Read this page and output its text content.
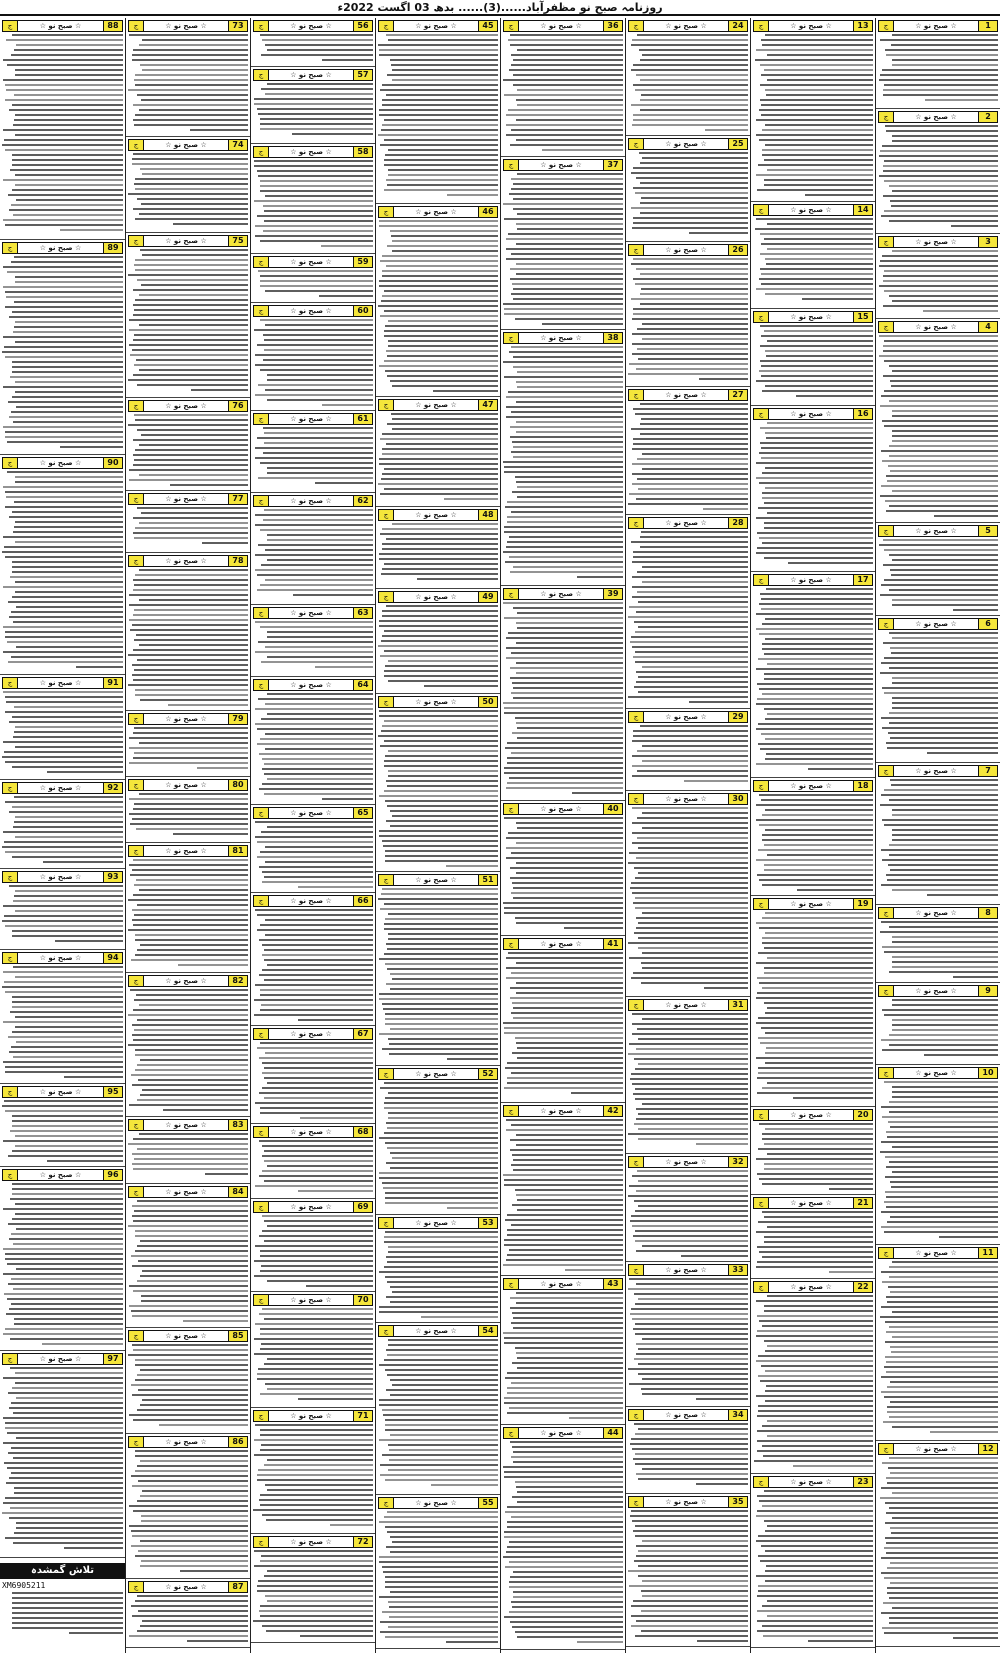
روزنامہ صبح نو مظفرآباد......(3)...... بدھ 03 اگست 2022ء
1
☆ صبح نو ☆
ج
2
☆ صبح نو ☆
ج
3
☆ صبح نو ☆
ج
4
☆ صبح نو ☆
ج
5
☆ صبح نو ☆
ج
6
☆ صبح نو ☆
ج
7
☆ صبح نو ☆
ج
8
☆ صبح نو ☆
ج
9
☆ صبح نو ☆
ج
10
☆ صبح نو ☆
ج
11
☆ صبح نو ☆
ج
12
☆ صبح نو ☆
ج
13
☆ صبح نو ☆
ج
14
☆ صبح نو ☆
ج
15
☆ صبح نو ☆
ج
16
☆ صبح نو ☆
ج
17
☆ صبح نو ☆
ج
18
☆ صبح نو ☆
ج
19
☆ صبح نو ☆
ج
20
☆ صبح نو ☆
ج
21
☆ صبح نو ☆
ج
22
☆ صبح نو ☆
ج
23
☆ صبح نو ☆
ج
24
☆ صبح نو ☆
ج
25
☆ صبح نو ☆
ج
26
☆ صبح نو ☆
ج
27
☆ صبح نو ☆
ج
28
☆ صبح نو ☆
ج
29
☆ صبح نو ☆
ج
30
☆ صبح نو ☆
ج
31
☆ صبح نو ☆
ج
32
☆ صبح نو ☆
ج
33
☆ صبح نو ☆
ج
34
☆ صبح نو ☆
ج
35
☆ صبح نو ☆
ج
36
☆ صبح نو ☆
ج
37
☆ صبح نو ☆
ج
38
☆ صبح نو ☆
ج
39
☆ صبح نو ☆
ج
40
☆ صبح نو ☆
ج
41
☆ صبح نو ☆
ج
42
☆ صبح نو ☆
ج
43
☆ صبح نو ☆
ج
44
☆ صبح نو ☆
ج
45
☆ صبح نو ☆
ج
46
☆ صبح نو ☆
ج
47
☆ صبح نو ☆
ج
48
☆ صبح نو ☆
ج
49
☆ صبح نو ☆
ج
50
☆ صبح نو ☆
ج
51
☆ صبح نو ☆
ج
52
☆ صبح نو ☆
ج
53
☆ صبح نو ☆
ج
54
☆ صبح نو ☆
ج
55
☆ صبح نو ☆
ج
56
☆ صبح نو ☆
ج
57
☆ صبح نو ☆
ج
58
☆ صبح نو ☆
ج
59
☆ صبح نو ☆
ج
60
☆ صبح نو ☆
ج
61
☆ صبح نو ☆
ج
62
☆ صبح نو ☆
ج
63
☆ صبح نو ☆
ج
64
☆ صبح نو ☆
ج
65
☆ صبح نو ☆
ج
66
☆ صبح نو ☆
ج
67
☆ صبح نو ☆
ج
68
☆ صبح نو ☆
ج
69
☆ صبح نو ☆
ج
70
☆ صبح نو ☆
ج
71
☆ صبح نو ☆
ج
72
☆ صبح نو ☆
ج
73
☆ صبح نو ☆
ج
74
☆ صبح نو ☆
ج
75
☆ صبح نو ☆
ج
76
☆ صبح نو ☆
ج
77
☆ صبح نو ☆
ج
78
☆ صبح نو ☆
ج
79
☆ صبح نو ☆
ج
80
☆ صبح نو ☆
ج
81
☆ صبح نو ☆
ج
82
☆ صبح نو ☆
ج
83
☆ صبح نو ☆
ج
84
☆ صبح نو ☆
ج
85
☆ صبح نو ☆
ج
86
☆ صبح نو ☆
ج
87
☆ صبح نو ☆
ج
88
☆ صبح نو ☆
ج
89
☆ صبح نو ☆
ج
90
☆ صبح نو ☆
ج
91
☆ صبح نو ☆
ج
92
☆ صبح نو ☆
ج
93
☆ صبح نو ☆
ج
94
☆ صبح نو ☆
ج
95
☆ صبح نو ☆
ج
96
☆ صبح نو ☆
ج
97
☆ صبح نو ☆
ج
تلاش گمشدہ
XM6905211
